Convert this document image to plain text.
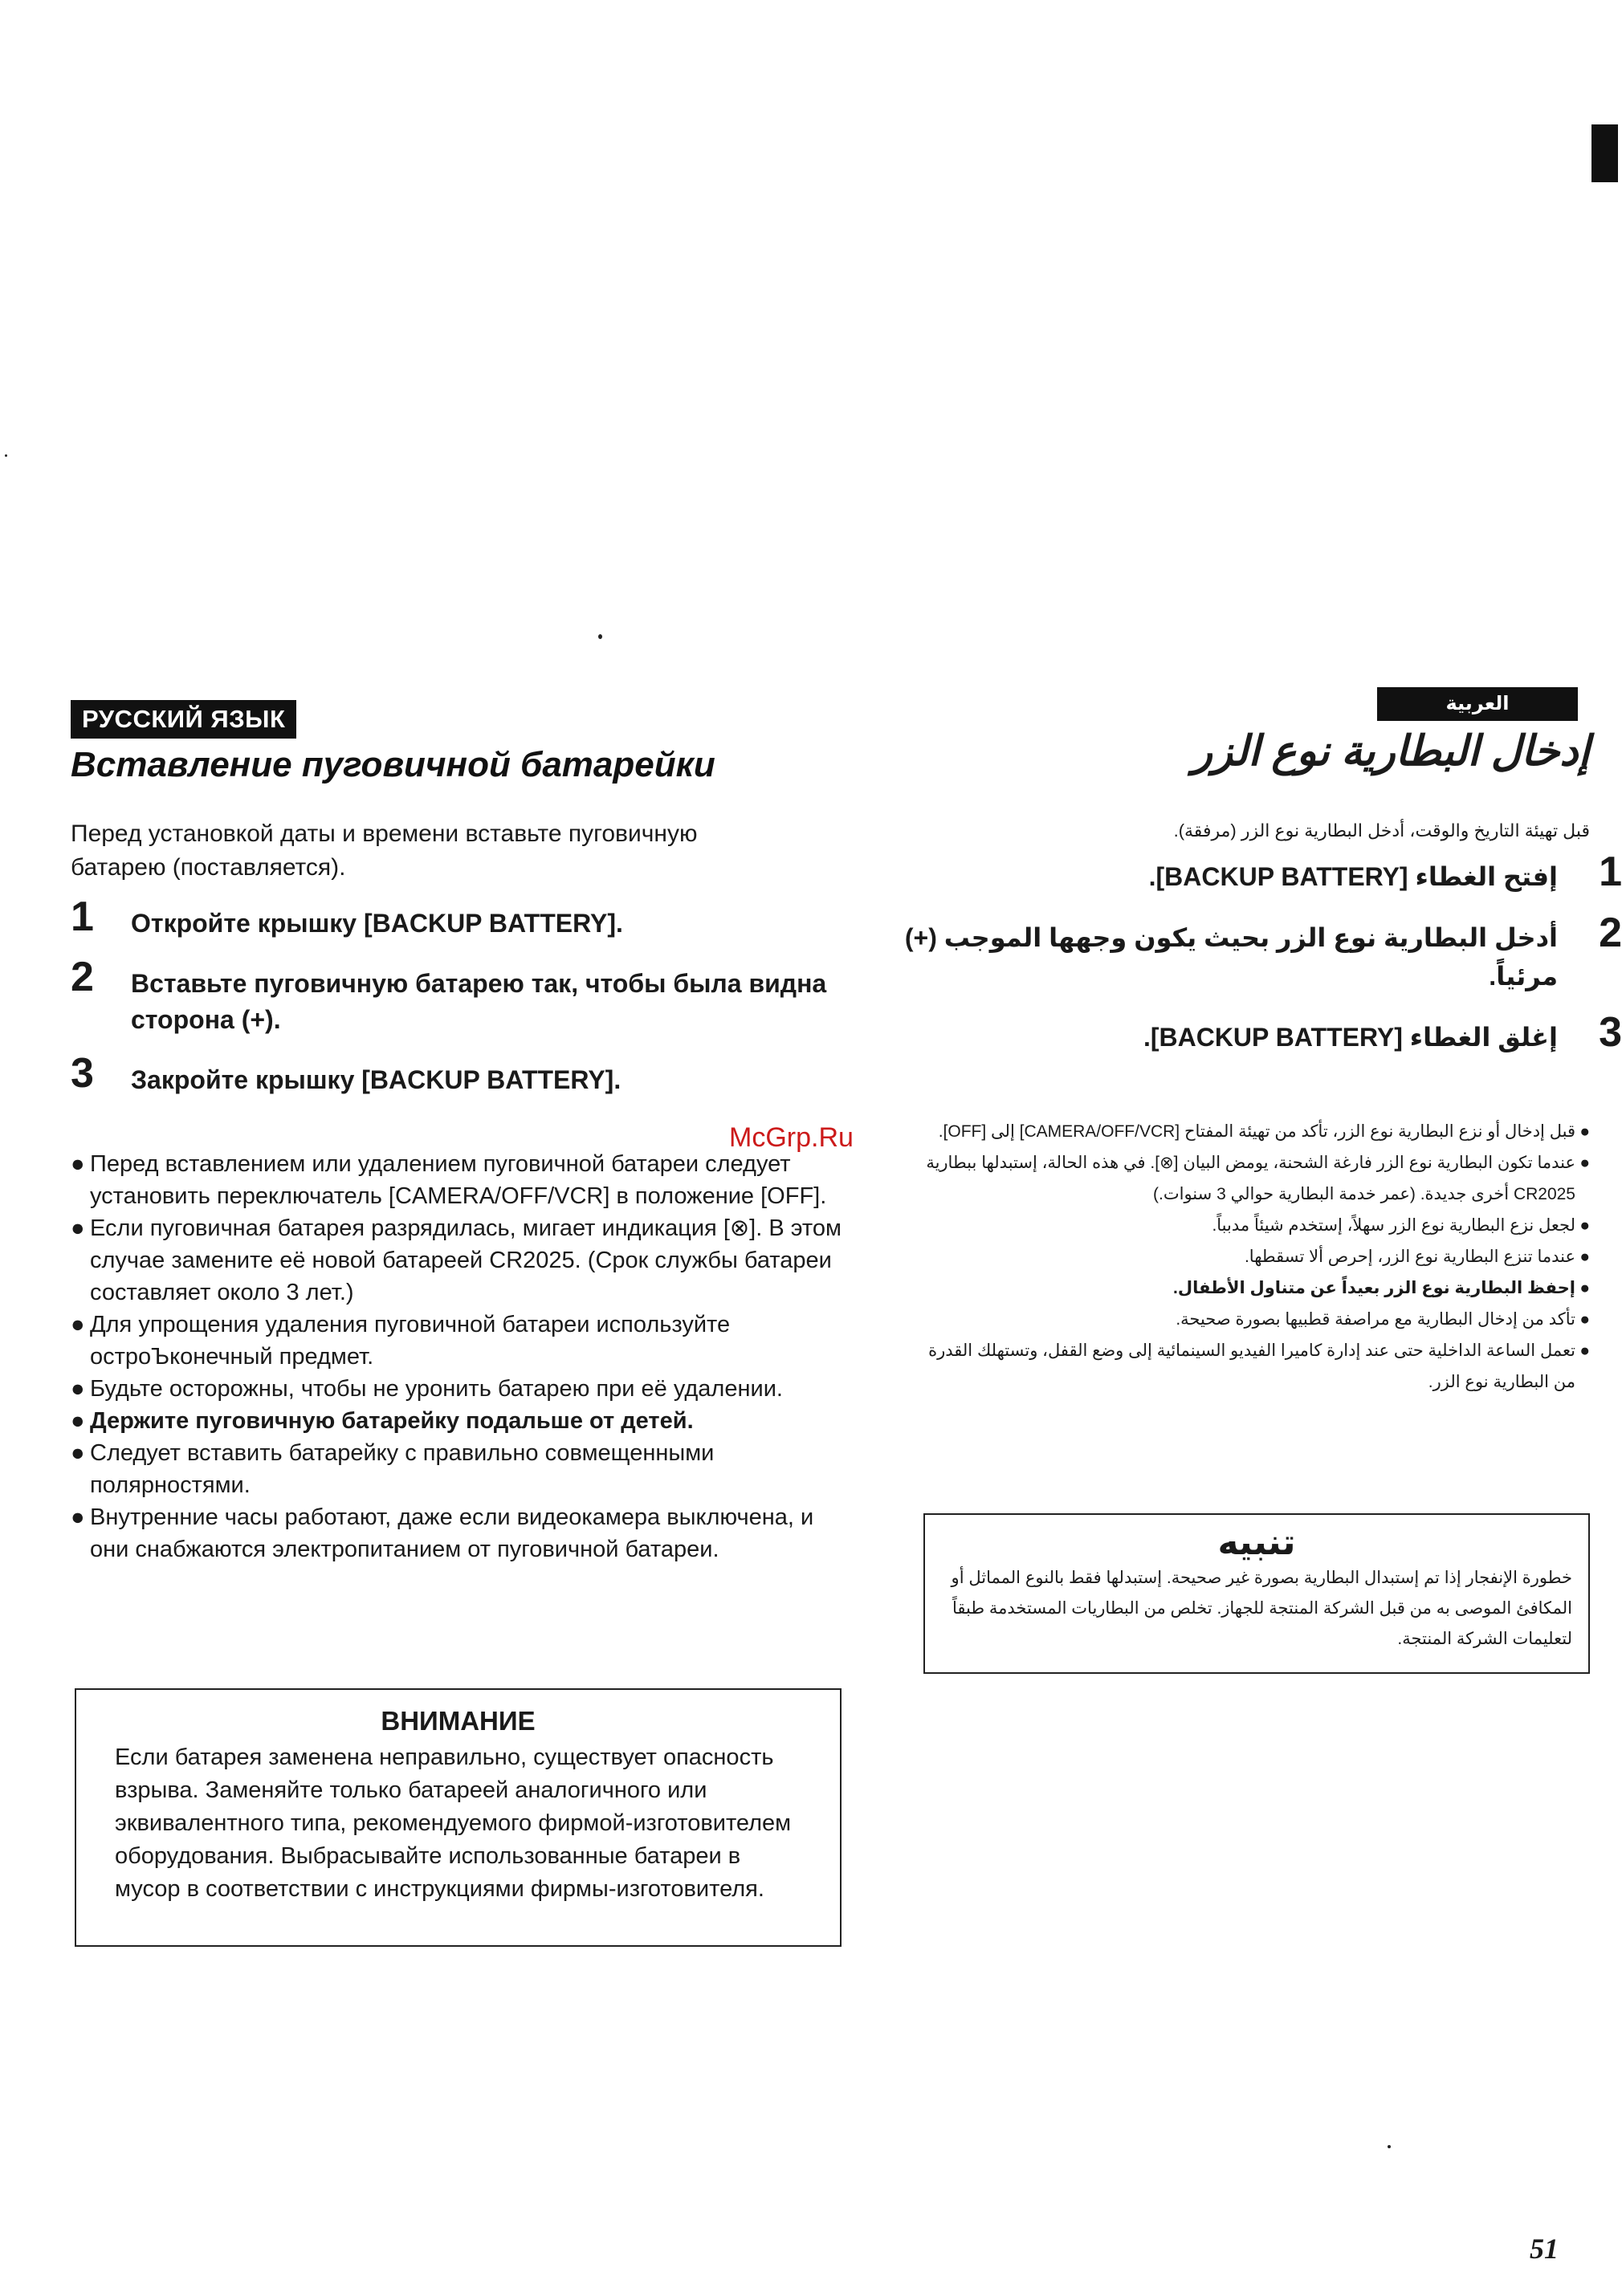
McGrp.Ru
РУССКИЙ ЯЗЫК
Вставление пуговичной батарейки
Перед установкой даты и времени вставьте пуговичную батарею (поставляется).
1 Откройте крышку [BACKUP BATTERY].
2 Вставьте пуговичную батарею так, чтобы была видна сторона (+).
3 Закройте крышку [BACKUP BATTERY].

● Перед вставлением или удалением пуговичной батареи следует установить переключатель [CAMERA/OFF/VCR] в положение [OFF].

● Если пуговичная батарея разрядилась, мигает индикация [⊗]. В этом случае замените её новой батареей CR2025. (Срок службы батареи составляет около 3 лет.)

● Для упрощения удаления пуговичной батареи используйте остроЪконечный предмет.

● Будьте осторожны, чтобы не уронить батарею при её удалении.

● Держите пуговичную батарейку подальше от детей.

● Следует вставить батарейку с правильно совмещенными полярностями.

● Внутренние часы работают, даже если видеокамера выключена, и они снабжаются электропитанием от пуговичной батареи.

ВНИМАНИЕ
Если батарея заменена неправильно, существует опасность взрыва. Заменяйте только батареей аналогичного или эквивалентного типа, рекомендуемого фирмой-изготовителем оборудования. Выбрасывайте использованные батареи в мусор в соответствии с инструкциями фирмы-изготовителя.
العربية
إدخال البطارية نوع الزر
قبل تهيئة التاريخ والوقت، أدخل البطارية نوع الزر (مرفقة).
1
إفتح الغطاء [BACKUP BATTERY].
2
أدخل البطارية نوع الزر بحيث يكون وجهها الموجب (+) مرئياً.
3
إغلق الغطاء [BACKUP BATTERY].

●
قبل إدخال أو نزع البطارية نوع الزر، تأكد من تهيئة المفتاح [CAMERA/OFF/VCR] إلى [OFF].

●
عندما تكون البطارية نوع الزر فارغة الشحنة، يومض البيان [⊗]. في هذه الحالة، إستبدلها ببطارية CR2025 أخرى جديدة. (عمر خدمة البطارية حوالي 3 سنوات.)

●
لجعل نزع البطارية نوع الزر سهلاً، إستخدم شيئاً مدبباً.

●
عندما تنزع البطارية نوع الزر، إحرص ألا تسقطها.

●
إحفظ البطارية نوع الزر بعيداً عن متناول الأطفال.

●
تأكد من إدخال البطارية مع مراصفة قطبيها بصورة صحيحة.

●
تعمل الساعة الداخلية حتى عند إدارة كاميرا الفيديو السينمائية إلى وضع القفل، وتستهلك القدرة من البطارية نوع الزر.

تنبيه
خطورة الإنفجار إذا تم إستبدال البطارية بصورة غير صحيحة. إستبدلها فقط بالنوع المماثل أو المكافئ الموصى به من قبل الشركة المنتجة للجهاز. تخلص من البطاريات المستخدمة طبقاً لتعليمات الشركة المنتجة.
51
